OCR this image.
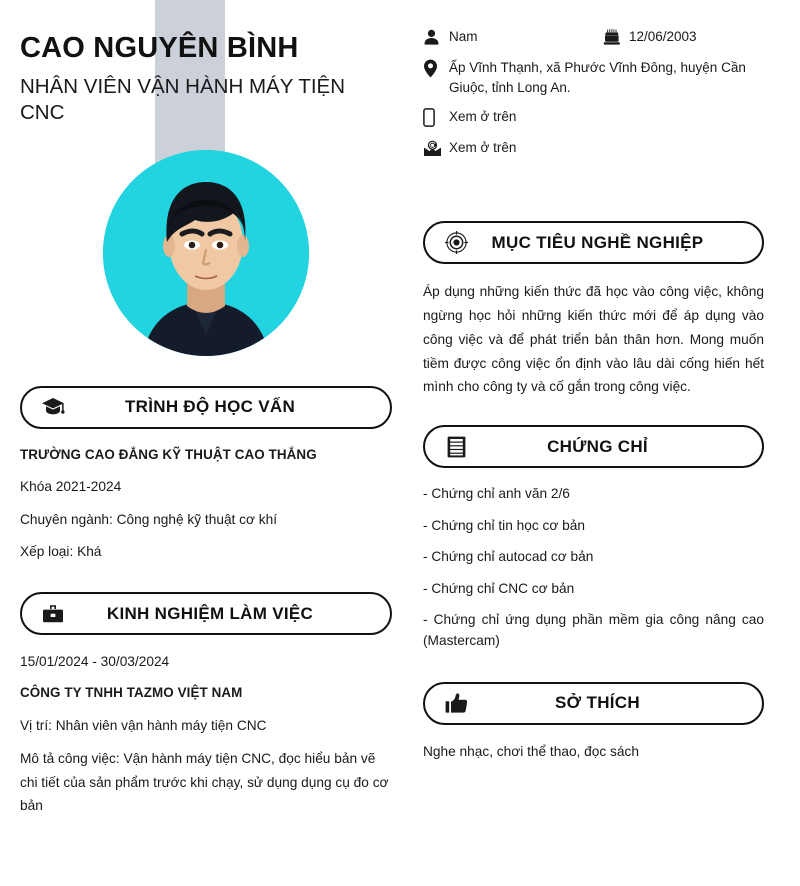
CAO NGUYÊN BÌNH
NHÂN VIÊN VẬN HÀNH MÁY TIỆN CNC
TRÌNH ĐỘ HỌC VẤN
TRƯỜNG CAO ĐẲNG KỸ THUẬT CAO THẮNG
Khóa 2021-2024
Chuyên ngành: Công nghệ kỹ thuật cơ khí
Xếp loại: Khá
KINH NGHIỆM LÀM VIỆC
15/01/2024 - 30/03/2024
CÔNG TY TNHH TAZMO VIỆT NAM
Vị trí: Nhân viên vận hành máy tiện CNC
Mô tả công việc: Vận hành máy tiện CNC, đọc hiểu bản vẽ chi tiết của sản phẩm trước khi chạy, sử dụng dụng cụ đo cơ bản
Nam	12/06/2003
Ấp Vĩnh Thạnh, xã Phước Vĩnh Đông, huyện Cần Giuộc, tỉnh Long An.
Xem ở trên
Xem ở trên
MỤC TIÊU NGHỀ NGHIỆP
Áp dụng những kiến thức đã học vào công việc, không ngừng học hỏi những kiến thức mới để áp dụng vào công việc và để phát triển bản thân hơn. Mong muốn tiềm được công việc ổn định vào lâu dài cống hiến hết mình cho công ty và cố gắn trong công việc.
CHỨNG CHỈ
- Chứng chỉ anh văn 2/6
- Chứng chỉ tin học cơ bản
- Chứng chỉ autocad cơ bản
- Chứng chỉ CNC cơ bản
- Chứng chỉ ứng dụng phần mềm gia công nâng cao (Mastercam)
SỞ THÍCH
Nghe nhạc, chơi thể thao, đọc sách
